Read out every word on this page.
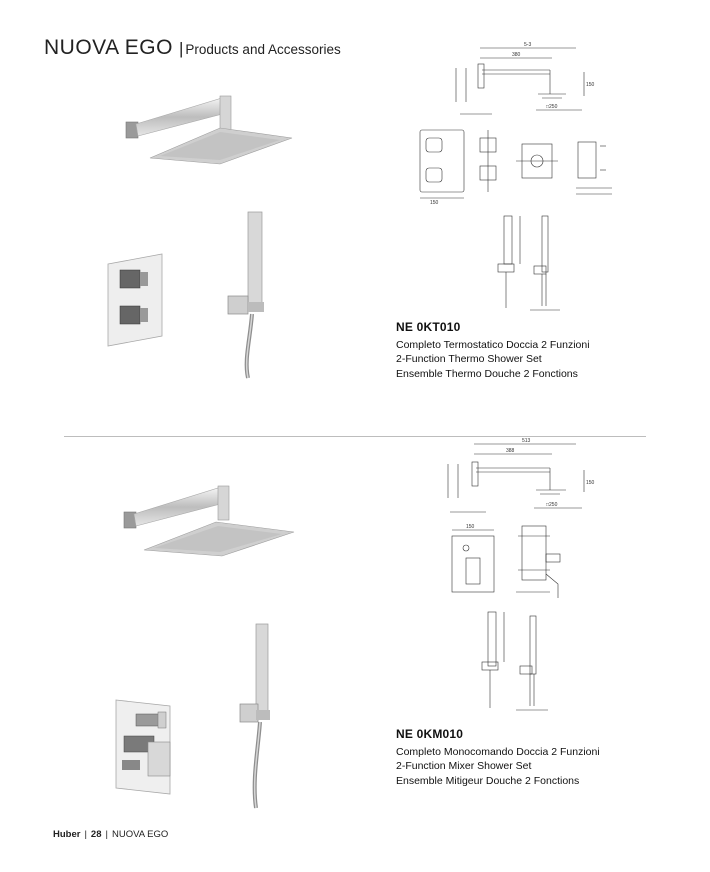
NUOVA EGO | Products and Accessories	5-3
380
□250
150
150
NE 0KT010
Completo Termostatico Doccia 2 Funzioni
2-Function Thermo Shower Set
Ensemble Thermo Douche 2 Fonctions
513
388
□250
150
150
NE 0KM010
Completo Monocomando Doccia 2 Funzioni
2-Function Mixer Shower Set
Ensemble Mitigeur Douche 2 Fonctions
Huber | 28 | NUOVA EGO
